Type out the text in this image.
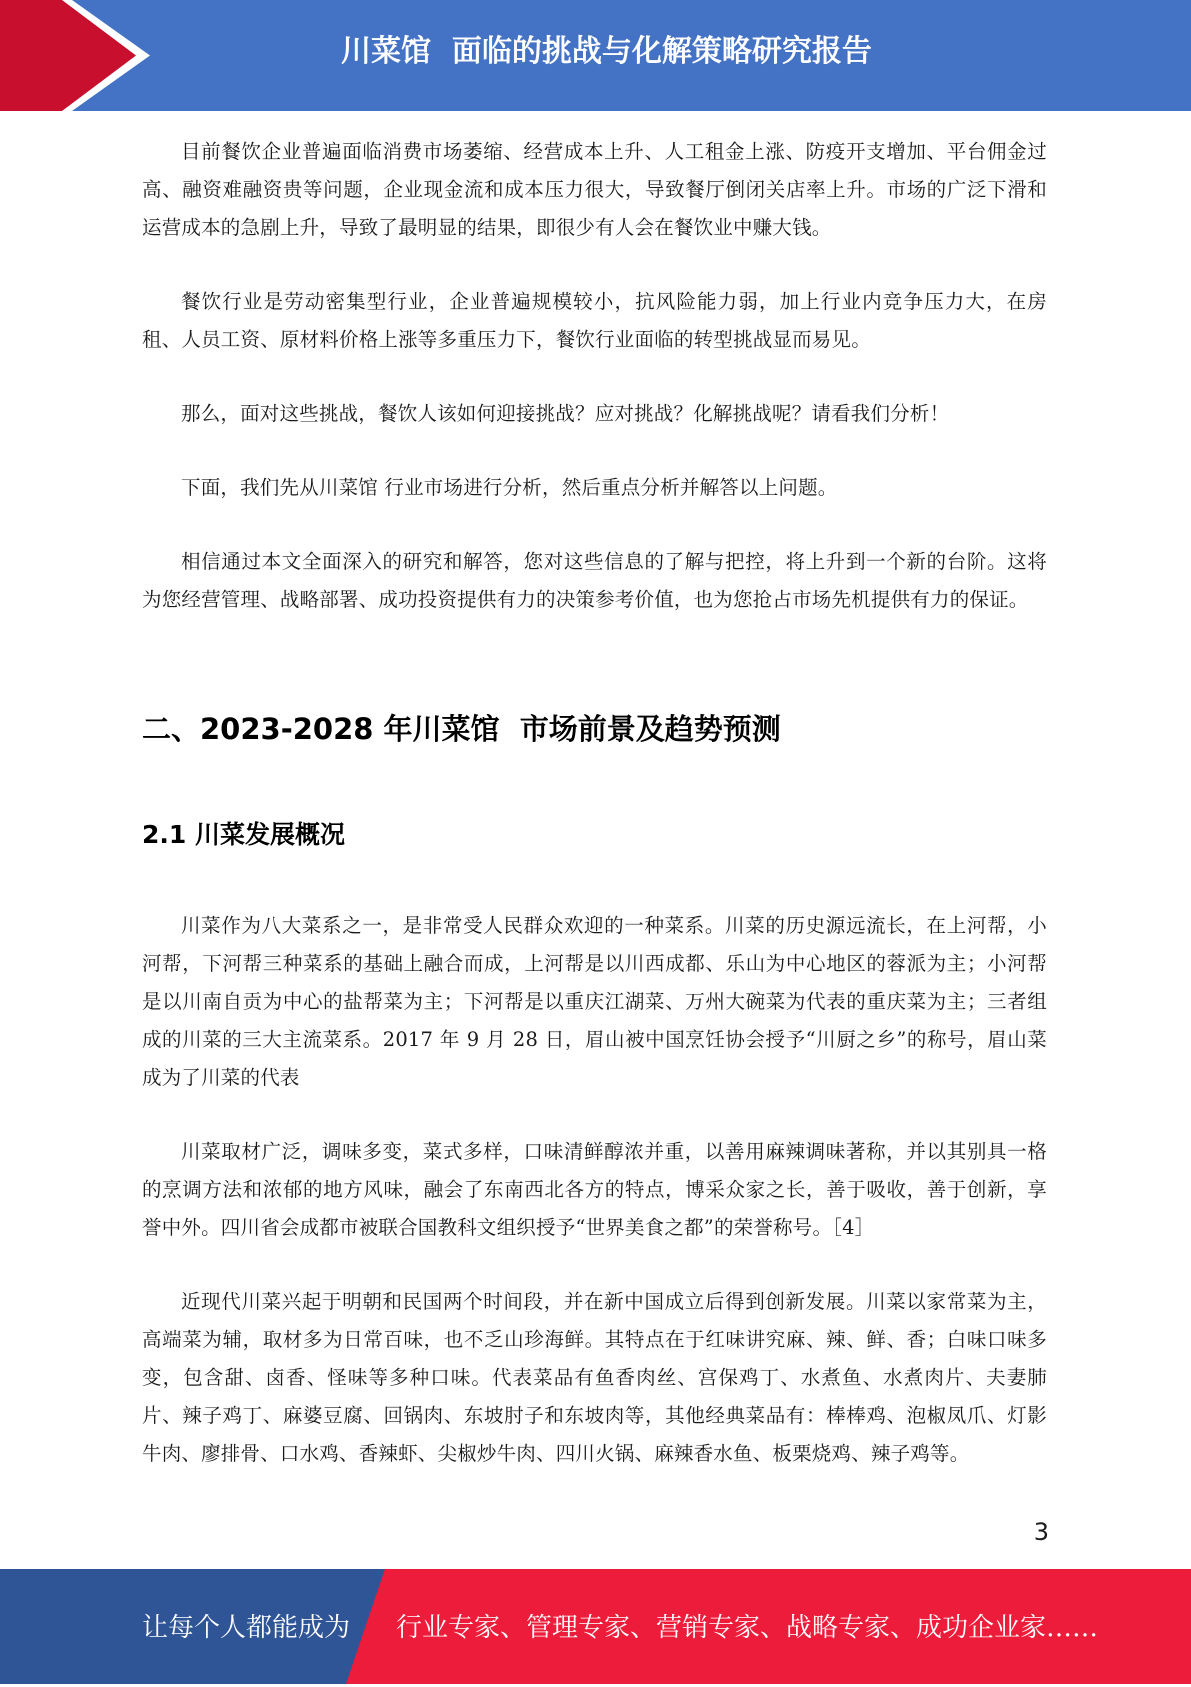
川菜馆  面临的挑战与化解策略研究报告

目前餐饮企业普遍面临消费市场萎缩、经营成本上升、人工租金上涨、防疫开支增加、平台佣金过高、融资难融资贵等问题，企业现金流和成本压力很大，导致餐厅倒闭关店率上升。市场的广泛下滑和运营成本的急剧上升，导致了最明显的结果，即很少有人会在餐饮业中赚大钱。

餐饮行业是劳动密集型行业，企业普遍规模较小，抗风险能力弱，加上行业内竞争压力大，在房租、人员工资、原材料价格上涨等多重压力下，餐饮行业面临的转型挑战显而易见。

那么，面对这些挑战，餐饮人该如何迎接挑战？应对挑战？化解挑战呢？请看我们分析！

下面，我们先从川菜馆 行业市场进行分析，然后重点分析并解答以上问题。

相信通过本文全面深入的研究和解答，您对这些信息的了解与把控，将上升到一个新的台阶。这将为您经营管理、战略部署、成功投资提供有力的决策参考价值，也为您抢占市场先机提供有力的保证。

二、2023-2028 年川菜馆  市场前景及趋势预测
2.1 川菜发展概况

川菜作为八大菜系之一，是非常受人民群众欢迎的一种菜系。川菜的历史源远流长，在上河帮，小河帮，下河帮三种菜系的基础上融合而成，上河帮是以川西成都、乐山为中心地区的蓉派为主；小河帮是以川南自贡为中心的盐帮菜为主；下河帮是以重庆江湖菜、万州大碗菜为代表的重庆菜为主；三者组成的川菜的三大主流菜系。2017 年 9 月 28 日，眉山被中国烹饪协会授予“川厨之乡”的称号，眉山菜成为了川菜的代表

川菜取材广泛，调味多变，菜式多样，口味清鲜醇浓并重，以善用麻辣调味著称，并以其别具一格的烹调方法和浓郁的地方风味，融会了东南西北各方的特点，博采众家之长，善于吸收，善于创新，享誉中外。四川省会成都市被联合国教科文组织授予“世界美食之都”的荣誉称号。［4］

近现代川菜兴起于明朝和民国两个时间段，并在新中国成立后得到创新发展。川菜以家常菜为主，高端菜为辅，取材多为日常百味，也不乏山珍海鲜。其特点在于红味讲究麻、辣、鲜、香；白味口味多变，包含甜、卤香、怪味等多种口味。代表菜品有鱼香肉丝、宫保鸡丁、水煮鱼、水煮肉片、夫妻肺片、辣子鸡丁、麻婆豆腐、回锅肉、东坡肘子和东坡肉等，其他经典菜品有：棒棒鸡、泡椒凤爪、灯影牛肉、廖排骨、口水鸡、香辣虾、尖椒炒牛肉、四川火锅、麻辣香水鱼、板栗烧鸡、辣子鸡等。

3
让每个人都能成为 行业专家、管理专家、营销专家、战略专家、成功企业家……
